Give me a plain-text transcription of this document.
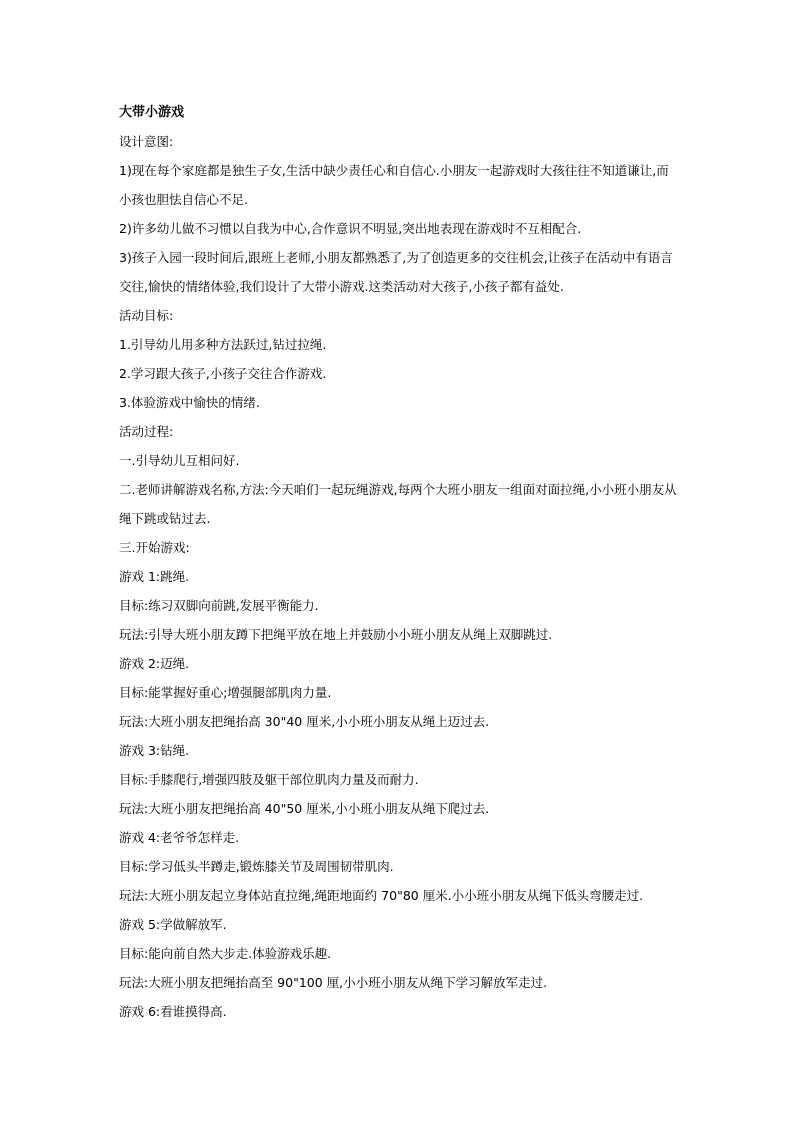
大带小游戏
设计意图:

1)现在每个家庭都是独生子女,生活中缺少责任心和自信心.小朋友一起游戏时大孩往往不知道谦让,而小孩也胆怯自信心不足.

2)许多幼儿做不习惯以自我为中心,合作意识不明显,突出地表现在游戏时不互相配合.

3)孩子入园一段时间后,跟班上老师,小朋友都熟悉了,为了创造更多的交往机会,让孩子在活动中有语言交往,愉快的情绪体验,我们设计了大带小游戏.这类活动对大孩子,小孩子都有益处.

活动目标:
1.引导幼儿用多种方法跃过,钻过拉绳.
2.学习跟大孩子,小孩子交往合作游戏.
3.体验游戏中愉快的情绪.
活动过程:
一.引导幼儿互相问好.

二.老师讲解游戏名称,方法:今天咱们一起玩绳游戏,每两个大班小朋友一组面对面拉绳,小小班小朋友从绳下跳或钻过去.

三.开始游戏:
游戏 1:跳绳.
目标:练习双脚向前跳,发展平衡能力.
玩法:引导大班小朋友蹲下把绳平放在地上并鼓励小小班小朋友从绳上双脚跳过.
游戏 2:迈绳.
目标:能掌握好重心;增强腿部肌肉力量.
玩法:大班小朋友把绳抬高 30"40 厘米,小小班小朋友从绳上迈过去.
游戏 3:钻绳.
目标:手膝爬行,增强四肢及躯干部位肌肉力量及而耐力.
玩法:大班小朋友把绳抬高 40"50 厘米,小小班小朋友从绳下爬过去.
游戏 4:老爷爷怎样走.
目标:学习低头半蹲走,锻炼膝关节及周围韧带肌肉.
玩法:大班小朋友起立身体站直拉绳,绳距地面约 70"80 厘米.小小班小朋友从绳下低头弯腰走过.
游戏 5:学做解放军.
目标:能向前自然大步走.体验游戏乐趣.
玩法:大班小朋友把绳抬高至 90"100 厘,小小班小朋友从绳下学习解放军走过.
游戏 6:看谁摸得高.
